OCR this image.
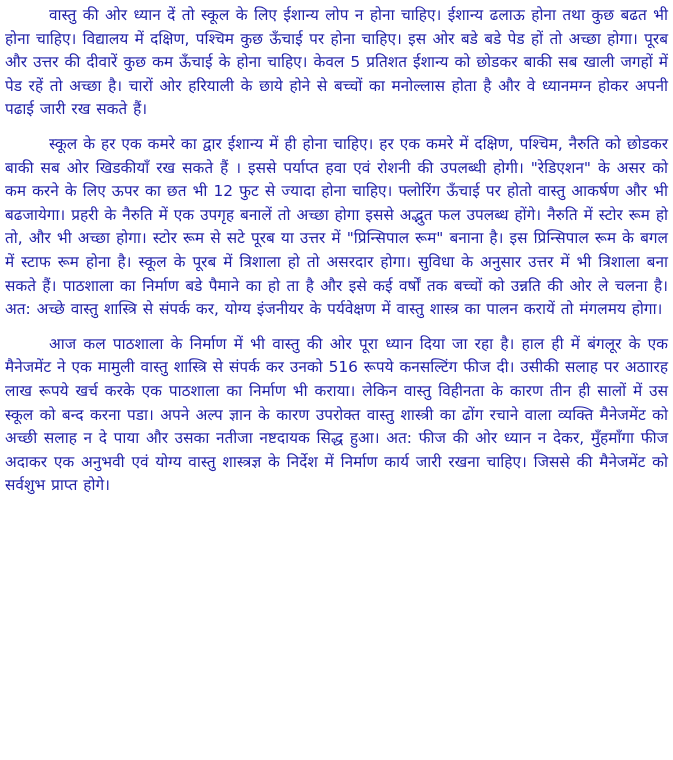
वास्तु की ओर ध्यान दें तो स्कूल के लिए ईशान्य लोप न होना चाहिए। ईशान्य ढलाऊ होना तथा कुछ बढत भी होना चाहिए। विद्यालय में दक्षिण, पश्चिम कुछ ऊँचाई पर होना चाहिए। इस ओर बडे बडे पेड हों तो अच्छा होगा। पूरब और उत्तर की दीवारें कुछ कम ऊँचाई के होना चाहिए। केवल 5 प्रतिशत ईशान्य को छोडकर बाकी सब खाली जगहों में पेड रहें तो अच्छा है। चारों ओर हरियाली के छाये होने से बच्चों का मनोल्लास होता है और वे ध्यानमग्न होकर अपनी पढाई जारी रख सकते हैं।

स्कूल के हर एक कमरे का द्वार ईशान्य में ही होना चाहिए। हर एक कमरे में दक्षिण, पश्चिम, नैरुति को छोडकर बाकी सब ओर खिडकीयाँ रख सकते हैं । इससे पर्याप्त हवा एवं रोशनी की उपलब्धी होगी। "रेडिएशन" के असर को कम करने के लिए ऊपर का छत भी 12 फुट से ज्यादा होना चाहिए। फ्लोरिंग ऊँचाई पर होतो वास्तु आकर्षण और भी बढजायेगा। प्रहरी के नैरुति में एक उपगृह बनालें तो अच्छा होगा इससे अद्भुत फल उपलब्ध होंगे। नैरुति में स्टोर रूम हो तो, और भी अच्छा होगा। स्टोर रूम से सटे पूरब या उत्तर में "प्रिन्सिपाल रूम" बनाना है। इस प्रिन्सिपाल रूम के बगल में स्टाफ रूम होना है। स्कूल के पूरब में त्रिशाला हो तो असरदार होगा। सुविधा के अनुसार उत्तर में भी त्रिशाला बना सकते हैं। पाठशाला का निर्माण बडे पैमाने का हो ता है और इसे कई वर्षों तक बच्चों को उन्नति की ओर ले चलना है। अत: अच्छे वास्तु शास्त्रि से संपर्क कर, योग्य इंजनीयर के पर्यवेक्षण में वास्तु शास्त्र का पालन करायें तो मंगलमय होगा।

आज कल पाठशाला के निर्माण में भी वास्तु की ओर पूरा ध्यान दिया जा रहा है। हाल ही में बंगलूर के एक मैनेजमेंट ने एक मामुली वास्तु शास्त्रि से संपर्क कर उनको 516 रूपये कनसल्टिंग फीज दी। उसीकी सलाह पर अठाारह लाख रूपये खर्च करके एक पाठशाला का निर्माण भी कराया। लेकिन वास्तु विहीनता के कारण तीन ही सालों में उस स्कूल को बन्द करना पडा। अपने अल्प ज्ञान के कारण उपरोक्त वास्तु शास्त्री का ढोंग रचाने वाला व्यक्ति मैनेजमेंट को अच्छी सलाह न दे पाया और उसका नतीजा नष्टदायक सिद्ध हुआ। अत: फीज की ओर ध्यान न देकर, मुँहमाँगा फीज अदाकर एक अनुभवी एवं योग्य वास्तु शास्त्रज्ञ के निर्देश में निर्माण कार्य जारी रखना चाहिए। जिससे की मैनेजमेंट को सर्वशुभ प्राप्त होगे।
